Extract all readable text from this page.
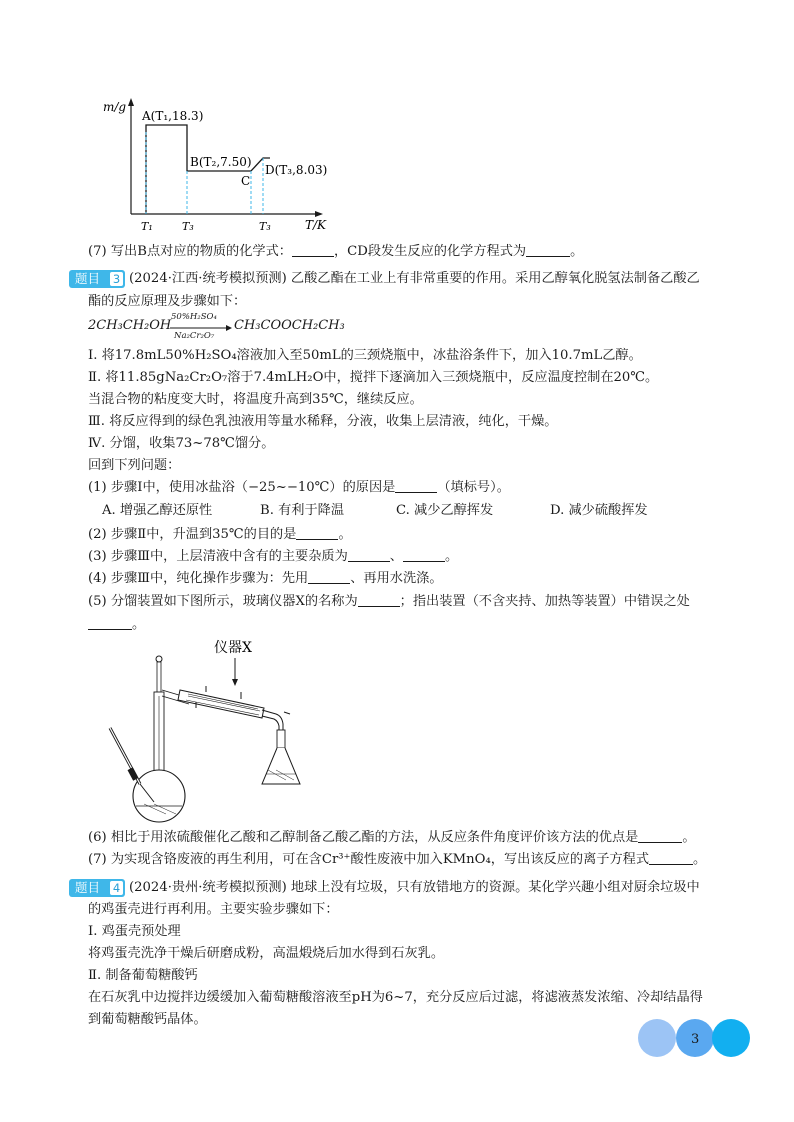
m/g
T/K
A(T₁,18.3)
B(T₂,7.50)
C
D(T₃,8.03)
T₁	T₃	T₃
(7) 写出B点对应的物质的化学式：	，CD段发生反应的化学方程式为	。
题目 3 (2024·江西·统考模拟预测) 乙酸乙酯在工业上有非常重要的作用。采用乙醇氧化脱氢法制备乙酸乙
酯的反应原理及步骤如下：
2CH₃CH₂OH
50%H₂SO₄
Na₂Cr₂O₇
CH₃COOCH₂CH₃
Ⅰ. 将17.8mL50%H₂SO₄溶液加入至50mL的三颈烧瓶中，冰盐浴条件下，加入10.7mL乙醇。
Ⅱ. 将11.85gNa₂Cr₂O₇溶于7.4mLH₂O中，搅拌下逐滴加入三颈烧瓶中，反应温度控制在20℃。
当混合物的粘度变大时，将温度升高到35℃，继续反应。
Ⅲ. 将反应得到的绿色乳浊液用等量水稀释，分液，收集上层清液，纯化，干燥。
Ⅳ. 分馏，收集73~78℃馏分。
回到下列问题：
(1) 步骤Ⅰ中，使用冰盐浴（−25~−10℃）的原因是	（填标号）。
A. 增强乙醇还原性	B. 有利于降温	C. 减少乙醇挥发	D. 减少硫酸挥发
(2) 步骤Ⅱ中，升温到35℃的目的是	。
(3) 步骤Ⅲ中，上层清液中含有的主要杂质为	、	。
(4) 步骤Ⅲ中，纯化操作步骤为：先用	、再用水洗涤。
(5) 分馏装置如下图所示，玻璃仪器X的名称为	；指出装置（不含夹持、加热等装置）中错误之处
。
仪器X
(6) 相比于用浓硫酸催化乙酸和乙醇制备乙酸乙酯的方法，从反应条件角度评价该方法的优点是	。
(7) 为实现含铬废液的再生利用，可在含Cr³⁺酸性废液中加入KMnO₄，写出该反应的离子方程式	。
题目 4 (2024·贵州·统考模拟预测) 地球上没有垃圾，只有放错地方的资源。某化学兴趣小组对厨余垃圾中
的鸡蛋壳进行再利用。主要实验步骤如下：
Ⅰ. 鸡蛋壳预处理
将鸡蛋壳洗净干燥后研磨成粉，高温煅烧后加水得到石灰乳。
Ⅱ. 制备葡萄糖酸钙
在石灰乳中边搅拌边缓缓加入葡萄糖酸溶液至pH为6~7，充分反应后过滤，将滤液蒸发浓缩、冷却结晶得
到葡萄糖酸钙晶体。
3
